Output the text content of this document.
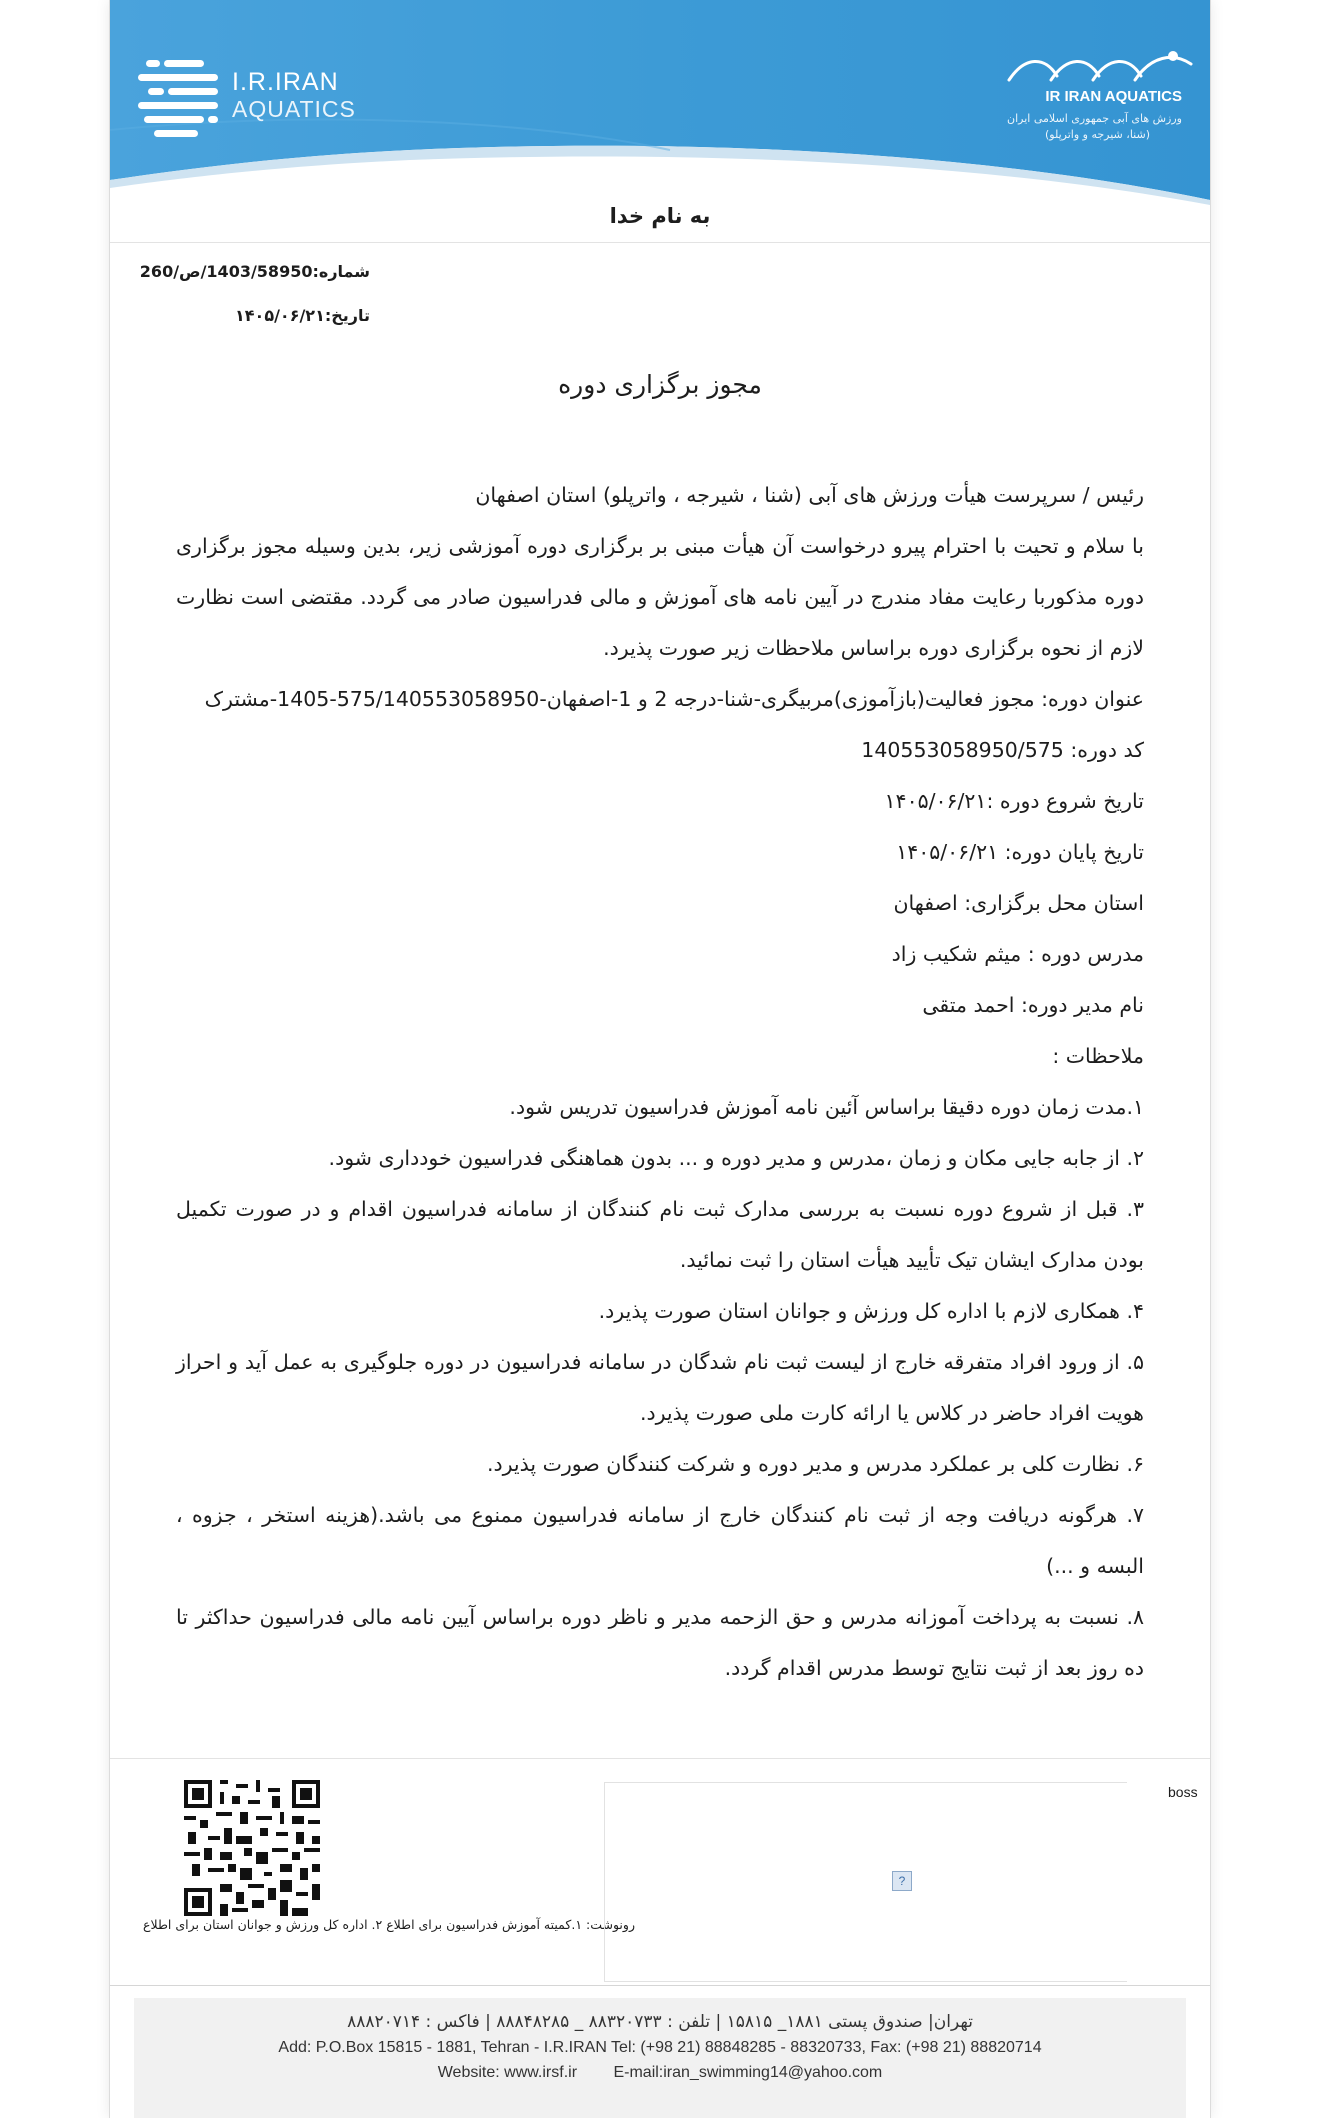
I.R.IRAN
AQUATICS	IR IRAN AQUATICS
ورزش های آبی جمهوری اسلامی ایران
(شنا، شیرجه و واترپلو)
به نام خدا
شماره:1403/58950/ص/260
تاریخ:۱۴۰۵/۰۶/۲۱
مجوز برگزاری دوره

رئیس / سرپرست هیأت ورزش های آبی (شنا ، شیرجه ، واترپلو) استان اصفهان

با سلام و تحیت با احترام پیرو درخواست آن هیأت مبنی بر برگزاری دوره آموزشی زیر، بدین وسیله مجوز برگزاری دوره مذکوربا رعایت مفاد مندرج در آیین نامه های آموزش و مالی فدراسیون صادر می گردد. مقتضی است نظارت لازم از نحوه برگزاری دوره براساس ملاحظات زیر صورت پذیرد.

عنوان دوره: مجوز فعالیت(بازآموزی)مربیگری-شنا-درجه 2 و 1-اصفهان-575/140553058950-1405-مشترک

کد دوره: 140553058950/575

تاریخ شروع دوره :۱۴۰۵/۰۶/۲۱

تاریخ پایان دوره: ۱۴۰۵/۰۶/۲۱

استان محل برگزاری: اصفهان

مدرس دوره : میثم شکیب زاد

نام مدیر دوره: احمد متقی

ملاحظات :

۱.مدت زمان دوره دقیقا براساس آئین نامه آموزش فدراسیون تدریس شود.

۲. از جابه جایی مکان و زمان ،مدرس و مدیر دوره و ... بدون هماهنگی فدراسیون خودداری شود.

۳. قبل از شروع دوره نسبت به بررسی مدارک ثبت نام کنندگان از سامانه فدراسیون اقدام و در صورت تکمیل بودن مدارک ایشان تیک تأیید هیأت استان را ثبت نمائید.

۴. همکاری لازم با اداره کل ورزش و جوانان استان صورت پذیرد.

۵. از ورود افراد متفرقه خارج از لیست ثبت نام شدگان در سامانه فدراسیون در دوره جلوگیری به عمل آید و احراز هویت افراد حاضر در کلاس یا ارائه کارت ملی صورت پذیرد.

۶. نظارت کلی بر عملکرد مدرس و مدیر دوره و شرکت کنندگان صورت پذیرد.

۷. هرگونه دریافت وجه از ثبت نام کنندگان خارج از سامانه فدراسیون ممنوع می باشد.(هزینه استخر ، جزوه ، البسه و ...)

۸. نسبت به پرداخت آموزانه مدرس و حق الزحمه مدیر و ناظر دوره براساس آیین نامه مالی فدراسیون حداکثر تا ده روز بعد از ثبت نتایج توسط مدرس اقدام گردد.

رونوشت: ۱.کمیته آموزش فدراسیون برای اطلاع ۲. اداره کل ورزش و جوانان استان برای اطلاع
?
boss
تهران| صندوق پستی ۱۸۸۱_ ۱۵۸۱۵ | تلفن : ۸۸۳۲۰۷۳۳ _ ۸۸۸۴۸۲۸۵ | فاکس : ۸۸۸۲۰۷۱۴
Add: P.O.Box 15815 - 1881, Tehran - I.R.IRAN Tel: (+98 21) 88848285 - 88320733, Fax: (+98 21) 88820714
Website: www.irsf.ir E-mail:iran_swimming14@yahoo.com
